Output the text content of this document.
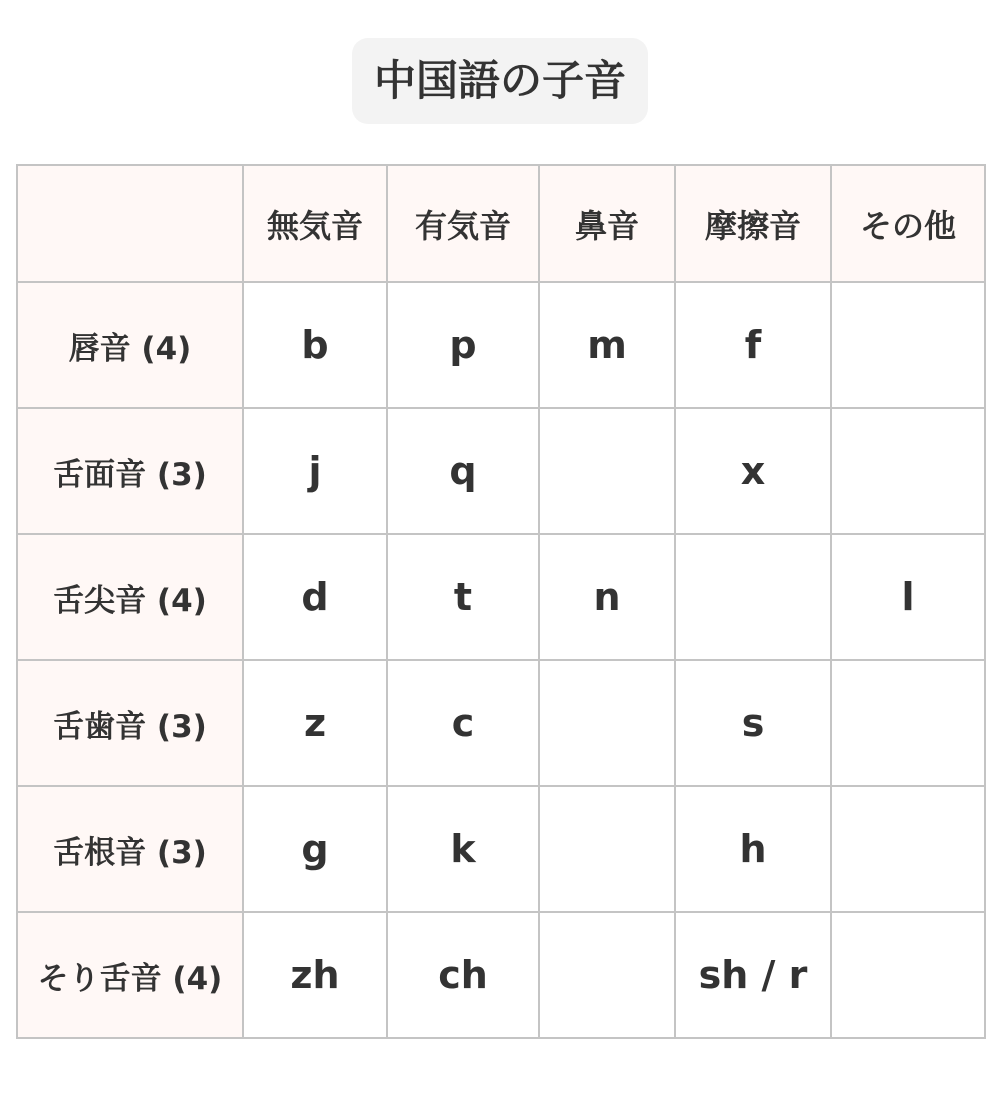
中国語の子音
	無気音	有気音	鼻音	摩擦音	その他
唇音 (4)	b	p	m	f	
舌面音 (3)	j	q		x	
舌尖音 (4)	d	t	n		l
舌歯音 (3)	z	c		s	
舌根音 (3)	g	k		h	
そり舌音 (4)	zh	ch		sh / r	
